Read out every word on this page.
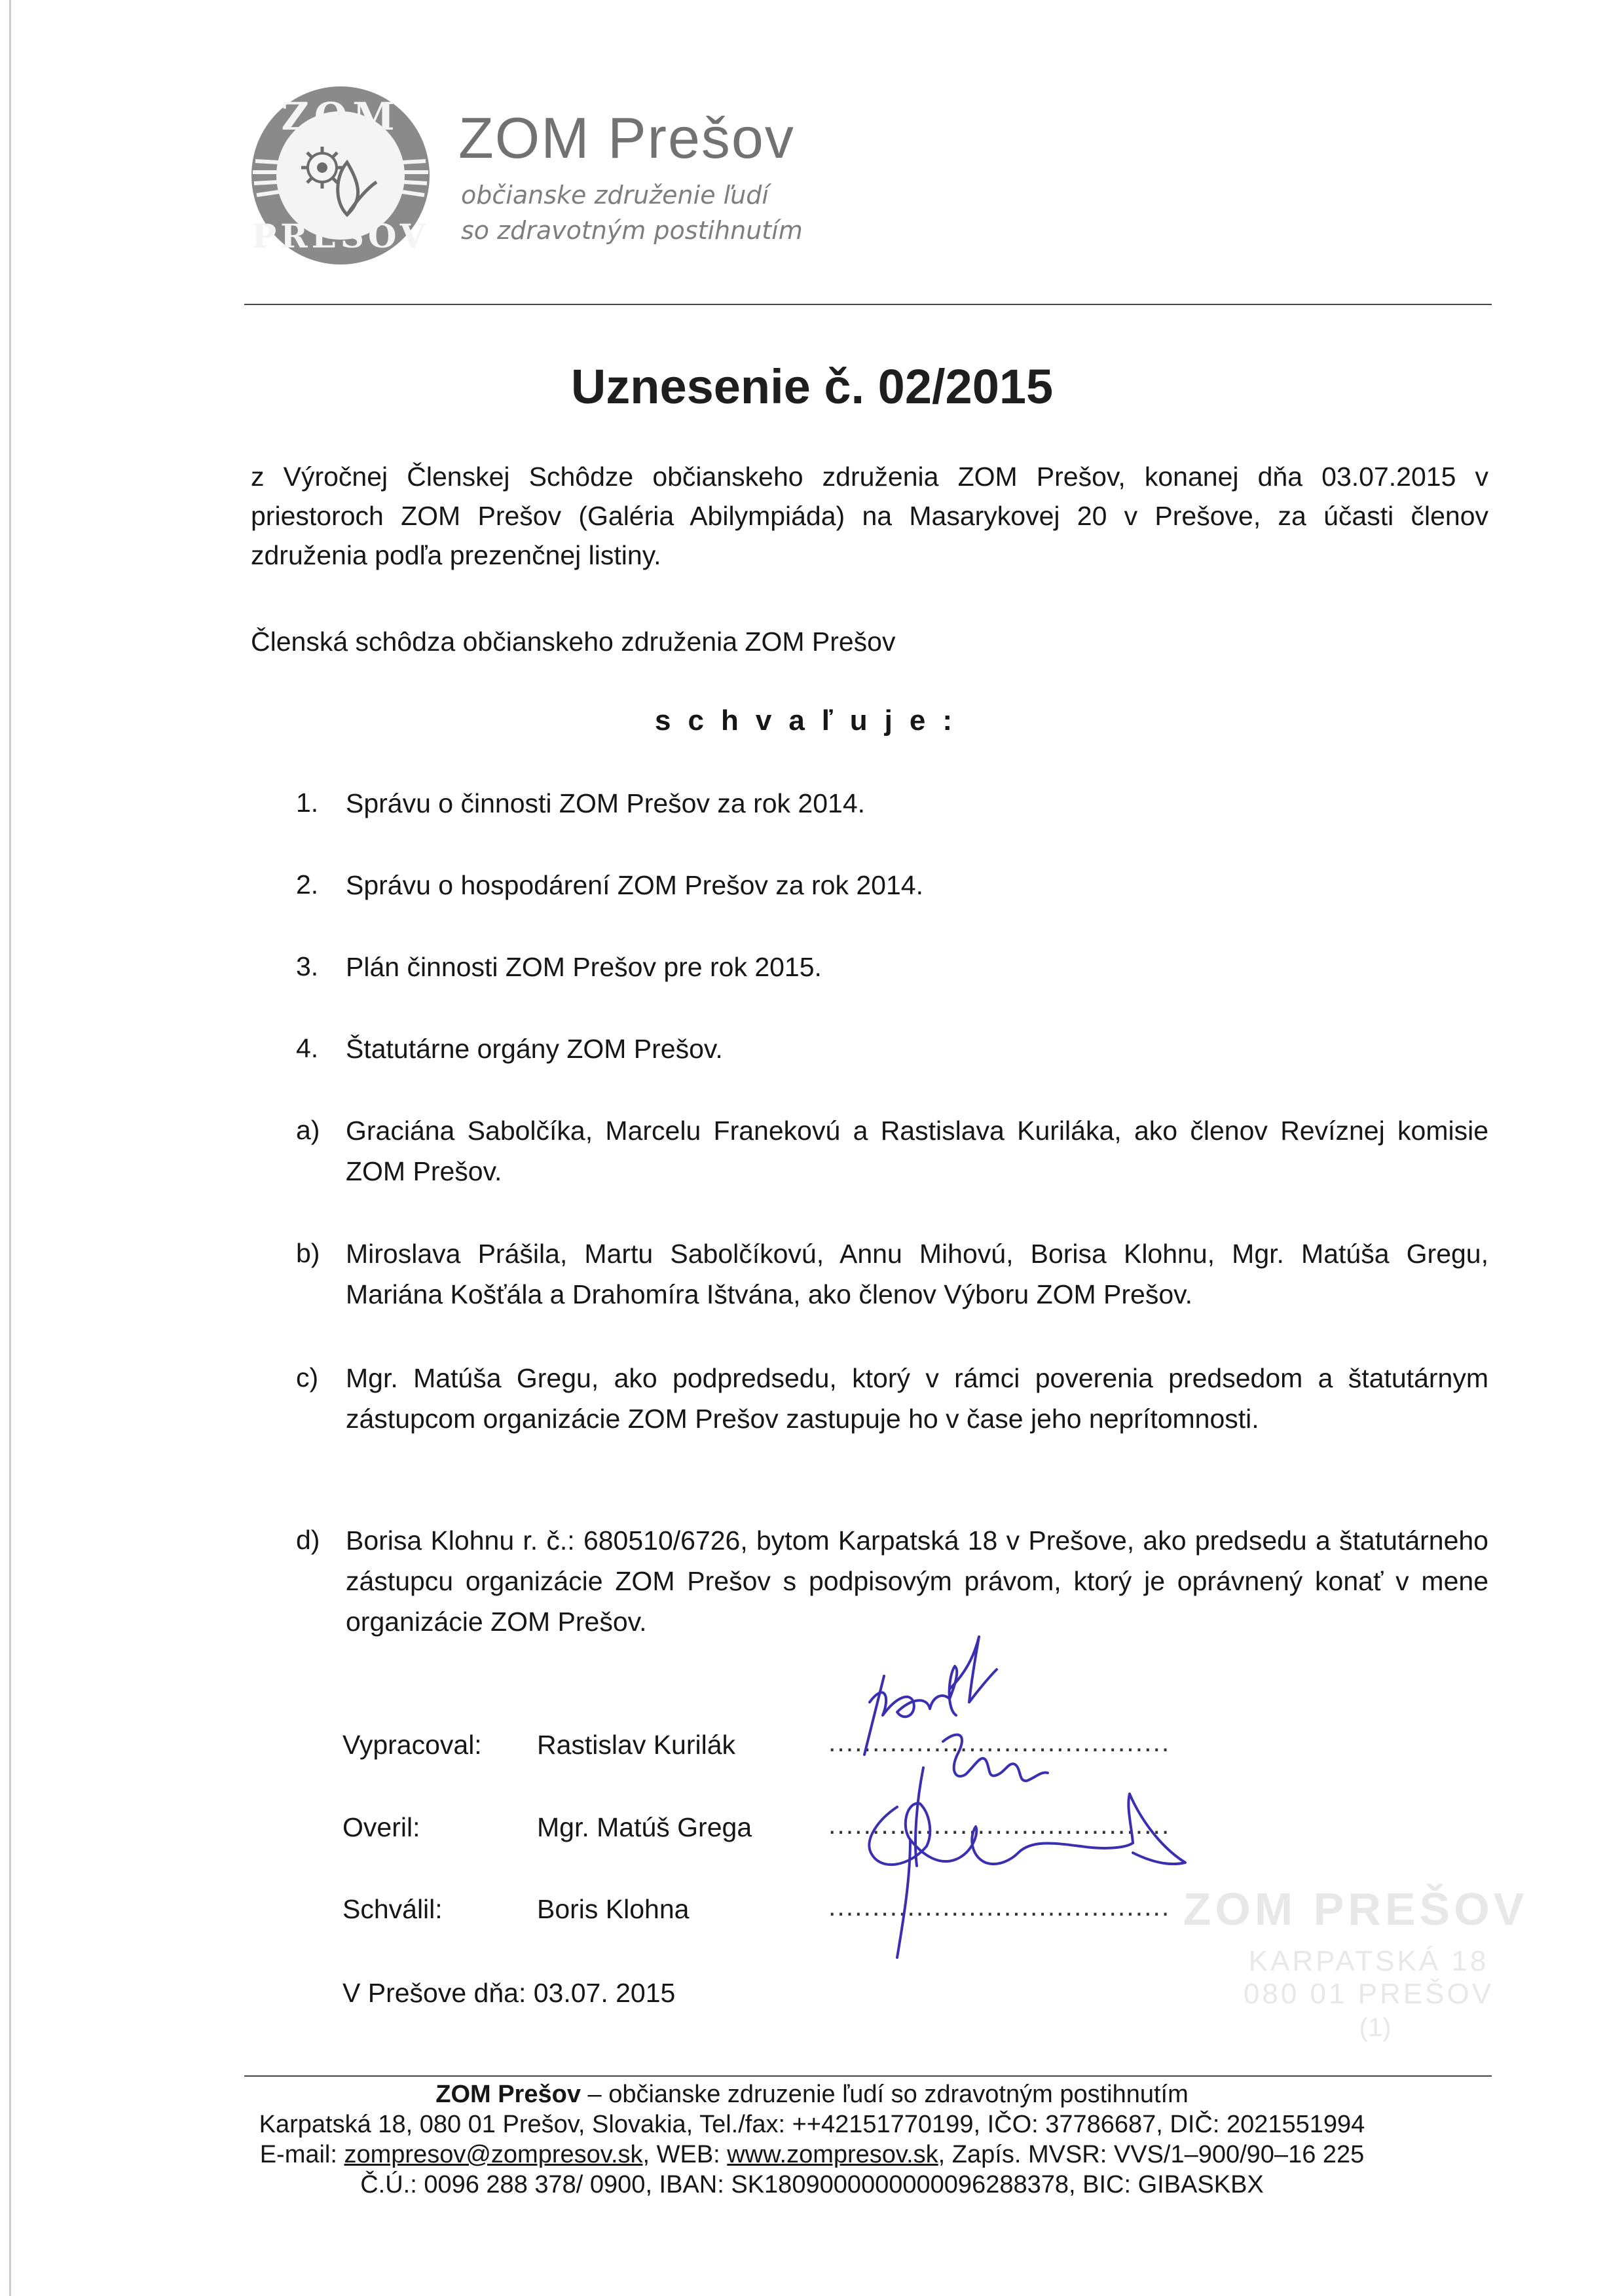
ZOM
PREŠOV
ZOM Prešov
občianske združenie ľudí
so zdravotným postihnutím
Uznesenie č. 02/2015
z Výročnej Členskej Schôdze občianskeho združenia ZOM Prešov, konanej dňa 03.07.2015 v priestoroch ZOM Prešov (Galéria Abilympiáda) na Masarykovej 20 v Prešove, za účasti členov združenia podľa prezenčnej listiny.
Členská schôdza občianskeho združenia ZOM Prešov
schvaľuje:
1. Správu o činnosti ZOM Prešov za rok 2014.
2. Správu o hospodárení ZOM Prešov za rok 2014.
3. Plán činnosti ZOM Prešov pre rok 2015.
4. Štatutárne orgány ZOM Prešov.
a) Graciána Sabolčíka, Marcelu Franekovú a Rastislava Kuriláka, ako členov Revíznej komisie ZOM Prešov.
b) Miroslava Prášila, Martu Sabolčíkovú, Annu Mihovú, Borisa Klohnu, Mgr. Matúša Gregu, Mariána Košťála a Drahomíra Ištvána, ako členov Výboru ZOM Prešov.
c) Mgr. Matúša Gregu, ako podpredsedu, ktorý v rámci poverenia predsedom a štatutárnym zástupcom organizácie ZOM Prešov zastupuje ho v čase jeho neprítomnosti.
d) Borisa Klohnu r. č.: 680510/6726, bytom Karpatská 18 v Prešove, ako predsedu a štatutárneho zástupcu organizácie ZOM Prešov s podpisovým právom, ktorý je oprávnený konať v mene organizácie ZOM Prešov.
Vypracoval: Rastislav Kurilák	.......................................
Overil:	Mgr. Matúš Grega	.......................................
Schválil:	Boris Klohna	....................................... ZOM PREŠOV
KARPATSKÁ 18
080 01 PREŠOV
(1)
V Prešove dňa: 03.07. 2015
ZOM Prešov – občianske zdruzenie ľudí so zdravotným postihnutím
Karpatská 18, 080 01 Prešov, Slovakia, Tel./fax: ++42151770199, IČO: 37786687, DIČ: 2021551994
E-mail: zompresov@zompresov.sk, WEB: www.zompresov.sk, Zapís. MVSR: VVS/1–900/90–16 225
Č.Ú.: 0096 288 378/ 0900, IBAN: SK1809000000000096288378, BIC: GIBASKBX
